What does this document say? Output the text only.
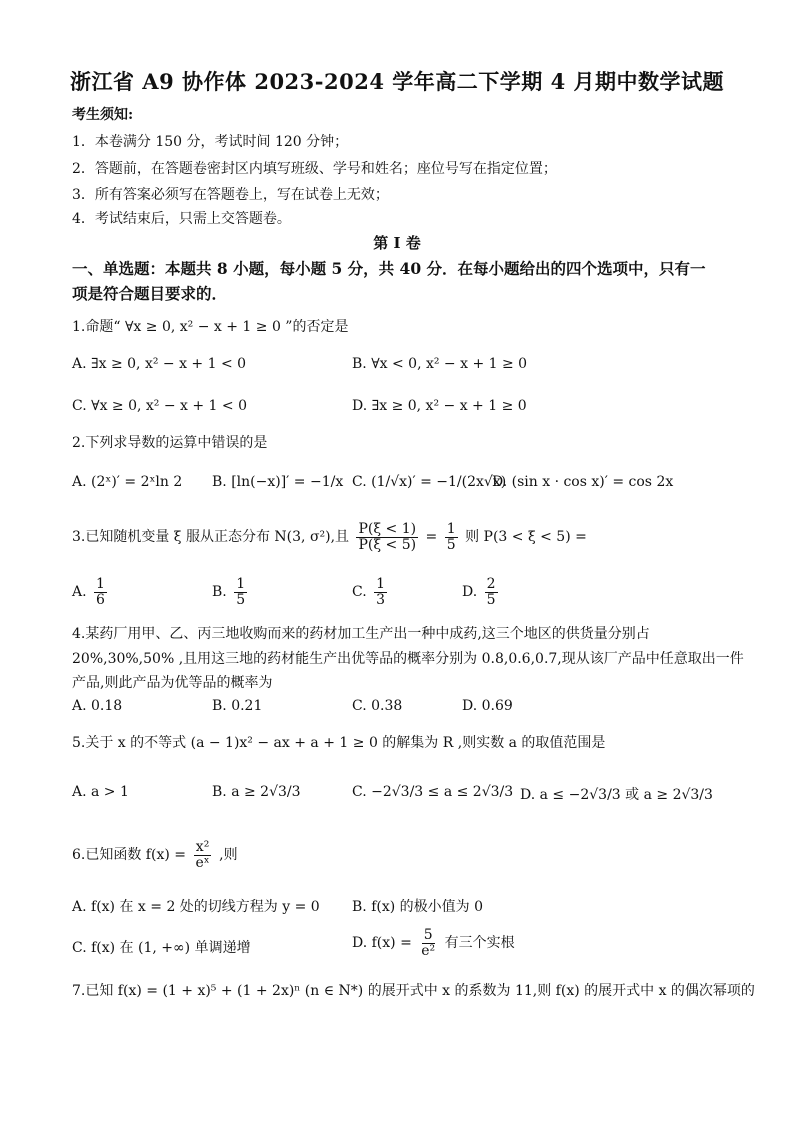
浙江省 A9 协作体 2023-2024 学年高二下学期 4 月期中数学试题
考生须知:
1．本卷满分 150 分，考试时间 120 分钟；
2．答题前，在答题卷密封区内填写班级、学号和姓名；座位号写在指定位置；
3．所有答案必须写在答题卷上，写在试卷上无效；
4．考试结束后，只需上交答题卷。
第 I 卷
一、单选题：本题共 8 小题，每小题 5 分，共 40 分．在每小题给出的四个选项中，只有一
项是符合题目要求的．
1.命题“ ∀x ≥ 0, x² − x + 1 ≥ 0 ”的否定是
A. ∃x ≥ 0, x² − x + 1 < 0	B. ∀x < 0, x² − x + 1 ≥ 0
C. ∀x ≥ 0, x² − x + 1 < 0	D. ∃x ≥ 0, x² − x + 1 ≥ 0
2.下列求导数的运算中错误的是
A. (2ˣ)′ = 2ˣln 2 B. [ln(−x)]′ = −1/x C. (1/√x)′ = −1/(2x√x)
D. (sin x · cos x)′ = cos 2x
3.已知随机变量 ξ 服从正态分布 N(3, σ²),且 $\frac{P(\xi < 1)}{P(\xi < 5)} = \frac{1}{5}$ 则 P(3 < ξ < 5) =
A. $\frac{1}{6}$	B. $\frac{1}{5}$	C. $\frac{1}{3}$	D. $\frac{2}{5}$
4.某药厂用甲、乙、丙三地收购而来的药材加工生产出一种中成药,这三个地区的供货量分别占
20%,30%,50% ,且用这三地的药材能生产出优等品的概率分别为 0.8,0.6,0.7,现从该厂产品中任意取出一件
产品,则此产品为优等品的概率为
A. 0.18	B. 0.21	C. 0.38	D. 0.69
5.关于 x 的不等式 (a − 1)x² − ax + a + 1 ≥ 0 的解集为 R ,则实数 a 的取值范围是
A. a > 1	B. a ≥ 2√3/3	C. −2√3/3 ≤ a ≤ 2√3/3 D. a ≤ −2√3/3 或 a ≥ 2√3/3
6.已知函数 $f(x) = \frac{\text{x²}}{\text{eˣ}}$ ,则
A. f(x) 在 x = 2 处的切线方程为 y = 0 B. f(x) 的极小值为 0
C. f(x) 在 (1, +∞) 单调递增	D. $f(x) = \frac{5}{\text{e²}}$ 有三个实根
7.已知 f(x) = (1 + x)⁵ + (1 + 2x)ⁿ (n ∈ N*) 的展开式中 x 的系数为 11,则 f(x) 的展开式中 x 的偶次幂项的
